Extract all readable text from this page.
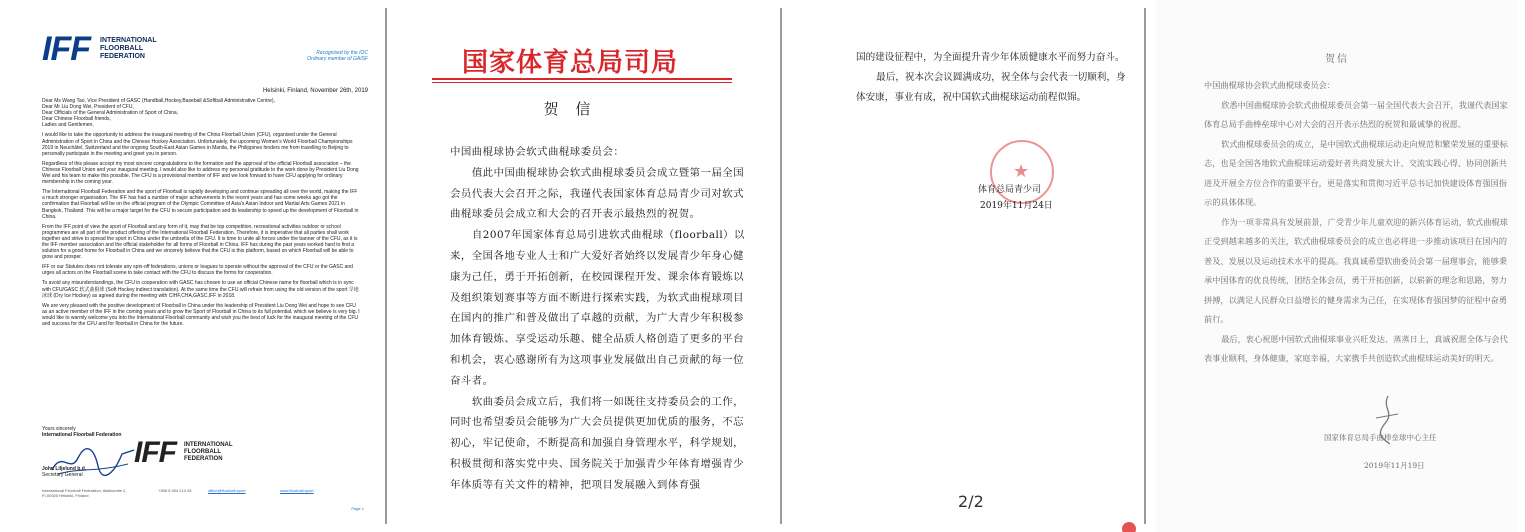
IFF INTERNATIONAL
FLOORBALL
FEDERATION	Recognised by the IOC
Ordinary member of GAISF
Helsinki, Finland, November 26th, 2019

Dear Ms Wang Tao, Vice President of GASC (Handball,Hockey,Baseball &Softball Administrative Centre),
Dear Mr Liu Dong Wei, President of CFU,
Dear Officials of the General Administration of Sport of China,
Dear Chinese Floorball friends,
Ladies and Gentlemen,

I would like to take the opportunity to address the inaugural meeting of the China Floorball Union (CFU), organised under the General Administration of Sport in China and the Chinese Hockey Association. Unfortunately, the upcoming Women's World Floorball Championships 2019 in Neuchâtel, Switzerland and the ongoing South-East Asian Games in Manila, the Philippines hinders me from travelling to Beijing to personally participate in the meeting and greet you in person.

Regardless of this please accept my most sincere congratulations to the formation and the approval of the official Floorball association – the Chinese Floorball Union and your inaugural meeting. I would also like to address my personal gratitude to the work done by President Liu Dong Wei and his team to make this possible. The CFU is a provisional member of IFF and we look forward to have CFU applying for ordinary membership in the coming year.

The International Floorball Federation and the sport of Floorball is rapidly developing and continue spreading all over the world, making the IFF a much stronger organisation. The IFF has had a number of major achievements in the recent years and has some weeks ago got the confirmation that Floorball will be on the official program of the Olympic Committee of Asia's Asian Indoor and Martial Arts Games 2021 in Bangkok, Thailand. This will be a major target for the CFU to secure participation and its leadership to speed up the development of Floorball in China.

From the IFF point of view the sport of Floorball and any form of it, may that be top competition, recreational activities outdoor or school programmes are all part of the product offering of the International Floorball Federation. Therefore, it is imperative that all parties shall work together and strive to spread the sport in China under the umbrella of the CFU. It is time to unite all forces under the banner of the CFU, as it is the IFF member association and the official stakeholder for all forms of Floorball in China. IFF has during the past years worked hard to find a solution for a good home for Floorball in China and we sincerely believe that the CFU is this platform, based on which Floorball will be able to grow and prosper.

IFF or our Statutes does not tolerate any spin-off federations, unions or leagues to operate without the approval of the CFU or the GASC and urges all actors on the Floorball scene to take contact with the CFU to discuss the forms for cooperation.

To avoid any misunderstandings, the CFU in cooperation with GASC has chosen to use an official Chinese name for floorball which is in sync with CFU/GASC 软式曲棍球 (Soft Hockey indirect translation). At the same time the CFU will refrain from using the old version of the sport 旱地冰球 (Dry Ice Hockey) as agreed during the meeting with CIHF,CHA,GASC,IFF in 2018.

We are very pleased with the positive development of Floorball in China under the leadership of President Liu Dong Wei and hope to see CFU as an active member of the IFF in the coming years and to grow the Sport of Floorball in China to its full potential, which we believe is very big. I would like to warmly welcome you into the International Floorball community and wish you the best of luck for the inaugural meeting of the CFU and success for the CFU and for floorball in China for the future.

Yours sincerely
International Floorball Federation
IFF INTERNATIONAL
FLOORBALL
FEDERATION
John Liljelund b.d.
Secretary General
International Floorball Federation, Alakiventie 2, FI-00920 Helsinki, Finland
+358 9 454 214 25	office@floorball.sport	www.floorball.sport
Page 1
国家体育总局司局
贺 信

中国曲棍球协会软式曲棍球委员会：

值此中国曲棍球协会软式曲棍球委员会成立暨第一届全国会员代表大会召开之际，我谨代表国家体育总局青少司对软式曲棍球委员会成立和大会的召开表示最热烈的祝贺。

自2007年国家体育总局引进软式曲棍球（floorball）以来，全国各地专业人士和广大爱好者始终以发展青少年身心健康为己任，勇于开拓创新，在校园课程开发、课余体育锻炼以及组织策划赛事等方面不断进行探索实践，为软式曲棍球项目在国内的推广和普及做出了卓越的贡献，为广大青少年积极参加体育锻炼、享受运动乐趣、健全品质人格创造了更多的平台和机会，衷心感谢所有为这项事业发展做出自己贡献的每一位奋斗者。

软曲委员会成立后，我们将一如既往支持委员会的工作，同时也希望委员会能够为广大会员提供更加优质的服务，不忘初心，牢记使命，不断提高和加强自身管理水平，科学规划，积极贯彻和落实党中央、国务院关于加强青少年体育增强青少年体质等有关文件的精神，把项目发展融入到体育强

国的建设征程中，为全面提升青少年体质健康水平而努力奋斗。

最后，祝本次会议圆满成功，祝全体与会代表一切顺利，身体安康，事业有成，祝中国软式曲棍球运动前程似锦。

★
体育总局青少司
2019年11月24日
2/2
贺信

中国曲棍球协会软式曲棍球委员会：

欣悉中国曲棍球协会软式曲棍球委员会第一届全国代表大会召开，我谨代表国家体育总局手曲棒垒球中心对大会的召开表示热烈的祝贺和最诚挚的祝愿。

软式曲棍球委员会的成立，是中国软式曲棍球运动走向规范和繁荣发展的重要标志，也是全国各地软式曲棍球运动爱好者共商发展大计、交流实践心得、协同创新共进及开展全方位合作的重要平台，更是落实和贯彻习近平总书记加快建设体育强国指示的具体体现。

作为一项非常具有发展前景，广受青少年儿童欢迎的新兴体育运动，软式曲棍球正受到越来越多的关注，软式曲棍球委员会的成立也必将进一步推动该项目在国内的普及、发展以及运动技术水平的提高。我真诚希望软曲委员会第一届理事会，能够秉承中国体育的优良传统，团结全体会员，勇于开拓创新，以崭新的理念和思路，努力拼搏，以满足人民群众日益增长的健身需求为己任，在实现体育强国梦的征程中奋勇前行。

最后，衷心祝愿中国软式曲棍球事业兴旺发达、蒸蒸日上，真诚祝愿全体与会代表事业顺利，身体健康，家庭幸福，大家携手共创造软式曲棍球运动美好的明天。

国家体育总局手曲棒垒球中心主任
2019年11月19日
